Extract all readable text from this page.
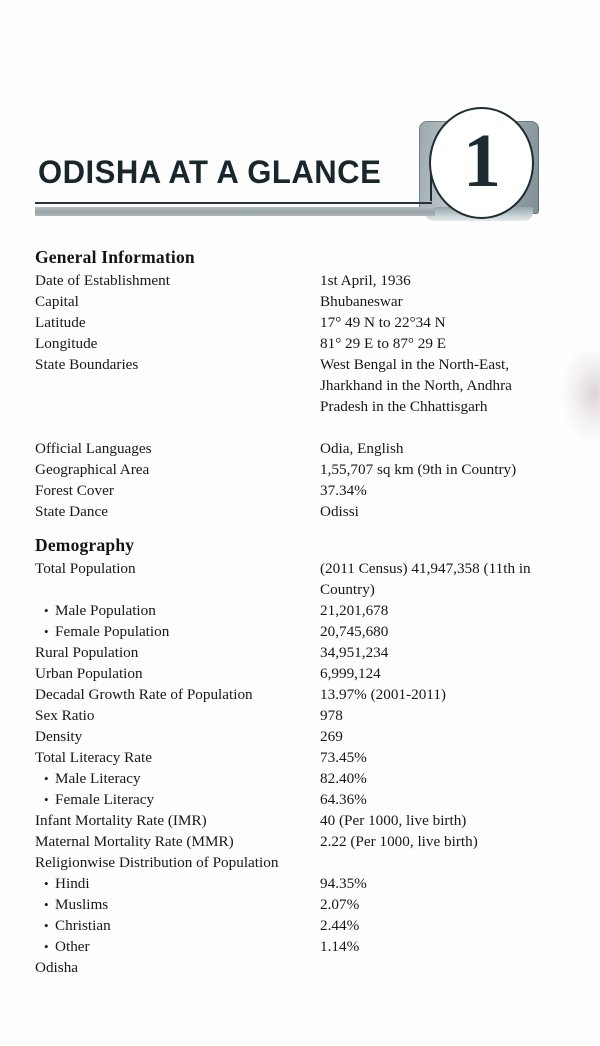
1
ODISHA AT A GLANCE
General Information
Date of Establishment	1st April, 1936
Capital	Bhubaneswar
Latitude	17° 49 N to 22°34 N
Longitude	81° 29 E to 87° 29 E
State Boundaries	West Bengal in the North-East,
Jharkhand in the North, Andhra
Pradesh in the Chhattisgarh
Official Languages	Odia, English
Geographical Area	1,55,707 sq km (9th in Country)
Forest Cover	37.34%
State Dance	Odissi
Demography
Total Population	(2011 Census) 41,947,358 (11th in
Country)
• Male Population	21,201,678
• Female Population	20,745,680
Rural Population	34,951,234
Urban Population	6,999,124
Decadal Growth Rate of Population	13.97% (2001-2011)
Sex Ratio	978
Density	269
Total Literacy Rate	73.45%
• Male Literacy	82.40%
• Female Literacy	64.36%
Infant Mortality Rate (IMR)	40 (Per 1000, live birth)
Maternal Mortality Rate (MMR)	2.22 (Per 1000, live birth)
Religionwise Distribution of Population
• Hindi	94.35%
• Muslims	2.07%
• Christian	2.44%
• Other	1.14%
Odisha
